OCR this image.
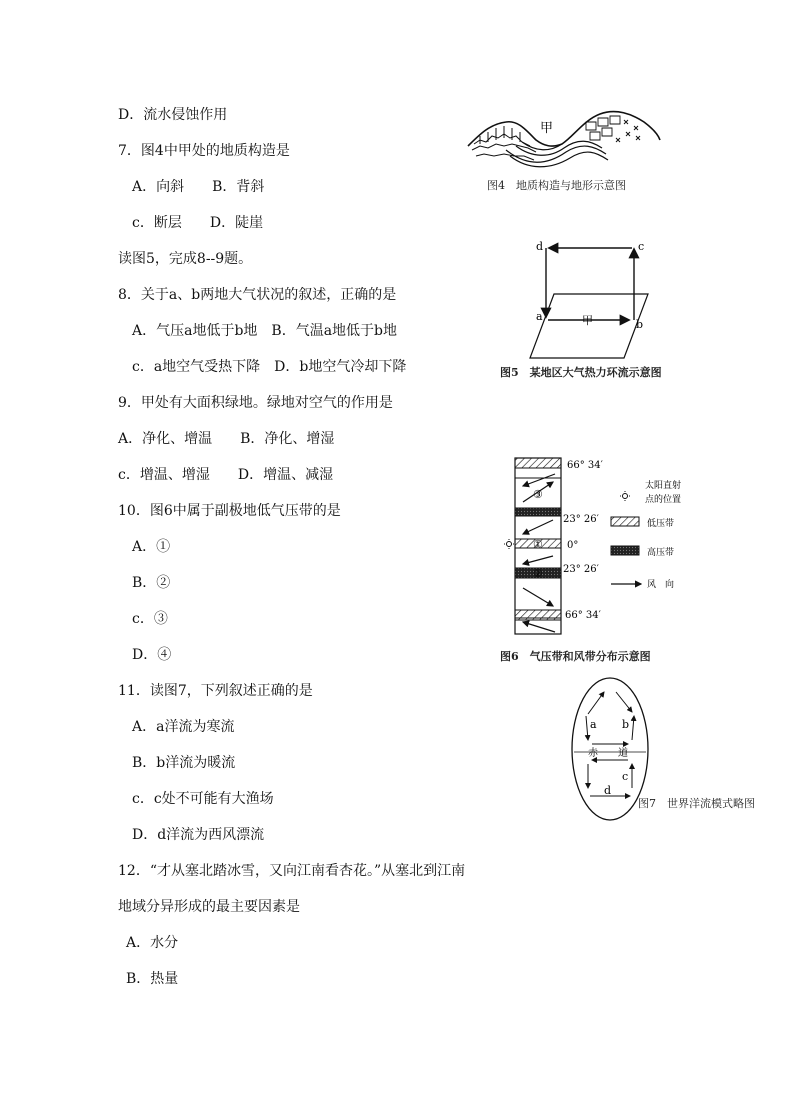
D．流水侵蚀作用
7．图4中甲处的地质构造是
A．向斜　　B．背斜
c．断层　　D．陡崖
读图5，完成8--9题。
8．关于a、b两地大气状况的叙述，正确的是
A．气压a地低于b地　B．气温a地低于b地
c．a地空气受热下降　D．b地空气冷却下降
9．甲处有大面积绿地。绿地对空气的作用是
A．净化、增温　　B．净化、增湿
c．增温、增湿　　D．增温、减湿
10．图6中属于副极地低气压带的是
A．①
B．②
c．③
D．④
11．读图7，下列叙述正确的是
A．a洋流为寒流
B．b洋流为暖流
c．c处不可能有大渔场
D．d洋流为西风漂流
12．“才从塞北踏冰雪，又向江南看杏花。”从塞北到江南
地域分异形成的最主要因素是
A．水分
B．热量
甲
图4　地质构造与地形示意图
d	c
a
b
甲
图5　某地区大气热力环流示意图
③
①
②
66° 34′
23° 26′
0°
23° 26′
66° 34′
太阳直射
点的位置
低压带
高压带
风　向
图6　气压带和风带分布示意图
a b
赤　　道
c
d
图7　世界洋流模式略图
